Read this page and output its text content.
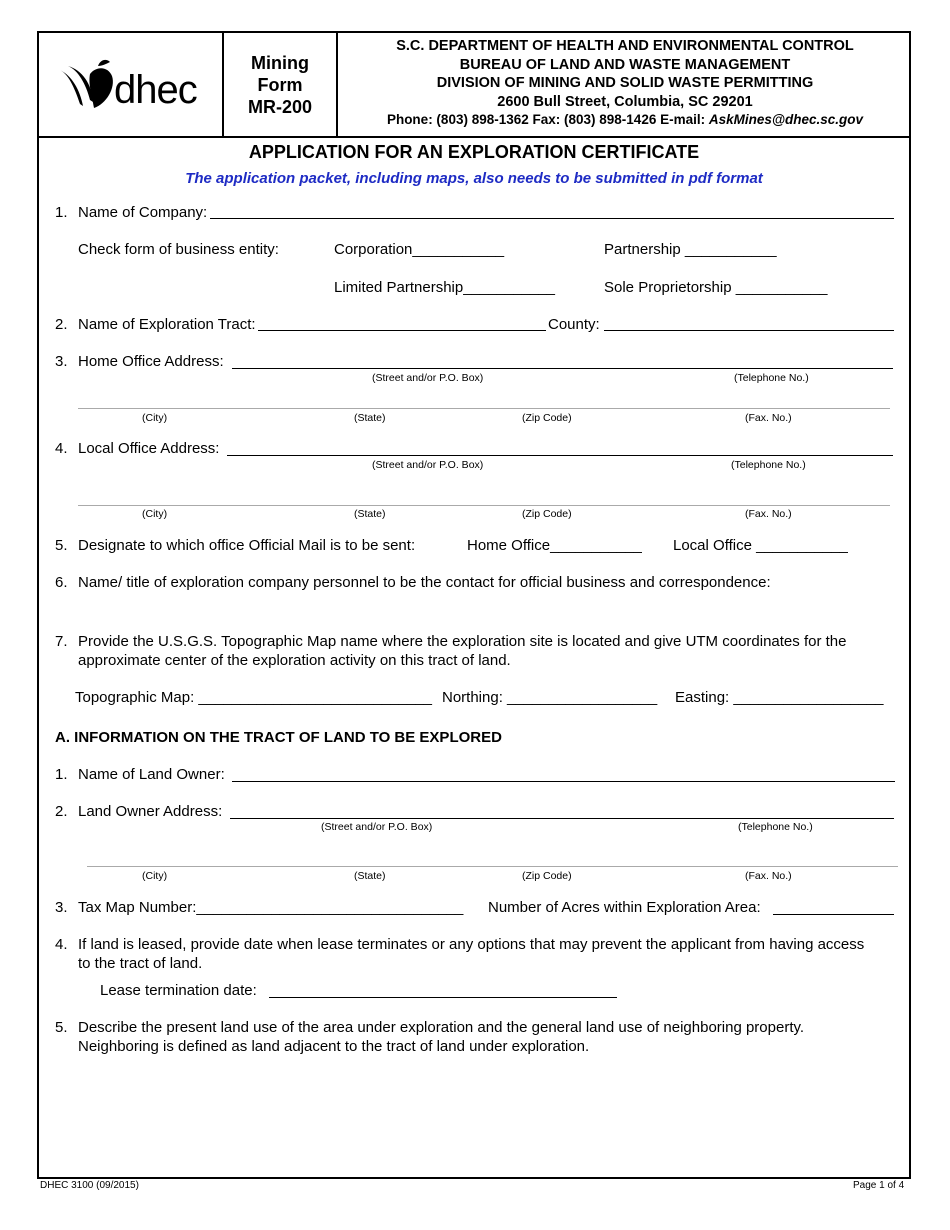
dhec
Mining
Form
MR-200
S.C. DEPARTMENT OF HEALTH AND ENVIRONMENTAL CONTROL
BUREAU OF LAND AND WASTE MANAGEMENT
DIVISION OF MINING AND SOLID WASTE PERMITTING
2600 Bull Street, Columbia, SC 29201
Phone: (803) 898-1362 Fax: (803) 898-1426 E-mail: AskMines@dhec.sc.gov
APPLICATION FOR AN EXPLORATION CERTIFICATE
The application packet, including maps, also needs to be submitted in pdf format
1. Name of Company:
Check form of business entity:	Corporation___________	Partnership ___________
Limited Partnership___________	Sole Proprietorship ___________
2. Name of Exploration Tract:	County:
3. Home Office Address:
(Street and/or P.O. Box)	(Telephone No.)
(City)	(State)	(Zip Code)	(Fax. No.)
4. Local Office Address:
(Street and/or P.O. Box)	(Telephone No.)
(City)	(State)	(Zip Code)	(Fax. No.)
5. Designate to which office Official Mail is to be sent:	Home Office___________ Local Office ___________
6. Name/ title of exploration company personnel to be the contact for official business and correspondence:
7. Provide the U.S.G.S. Topographic Map name where the exploration site is located and give UTM coordinates for the
approximate center of the exploration activity on this tract of land.
Topographic Map: ____________________________ Northing: __________________ Easting: __________________
A. INFORMATION ON THE TRACT OF LAND TO BE EXPLORED
1. Name of Land Owner:
2. Land Owner Address:
(Street and/or P.O. Box)	(Telephone No.)
(City)	(State)	(Zip Code)	(Fax. No.)
3. Tax Map Number:________________________________ Number of Acres within Exploration Area:
4. If land is leased, provide date when lease terminates or any options that may prevent the applicant from having access
to the tract of land.
Lease termination date:
5. Describe the present land use of the area under exploration and the general land use of neighboring property.
Neighboring is defined as land adjacent to the tract of land under exploration.
DHEC 3100 (09/2015)	Page 1 of 4
